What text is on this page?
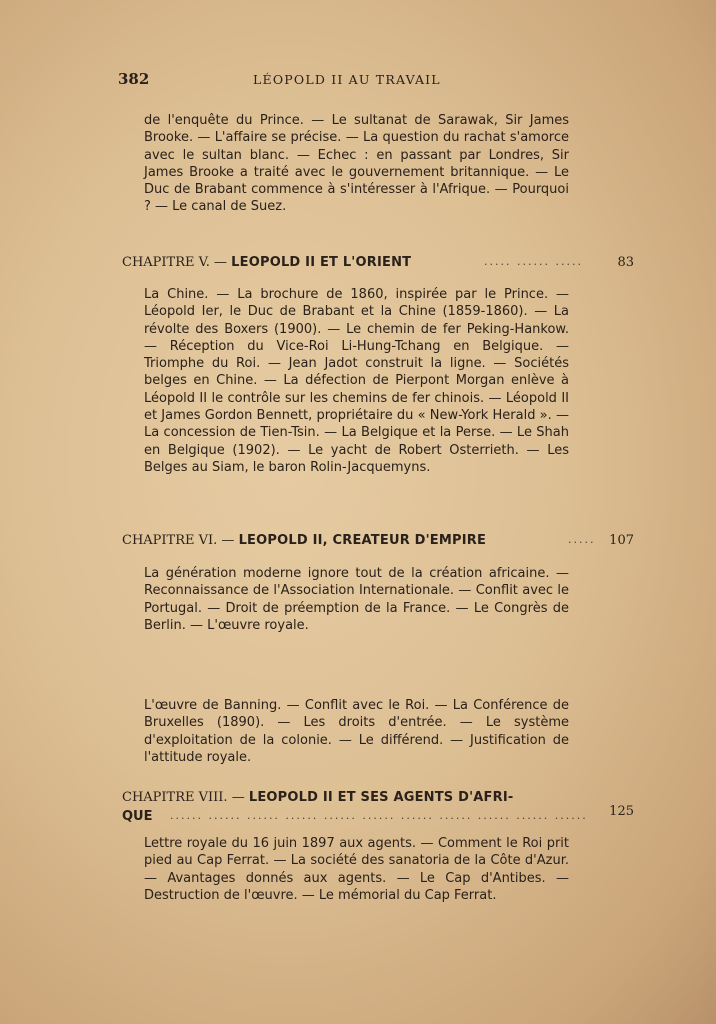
382	LÉOPOLD II AU TRAVAIL
de l'enquête du Prince. — Le sultanat de Sarawak, Sir James Brooke. — L'affaire se précise. — La question du rachat s'amorce avec le sultan blanc. — Echec : en passant par Londres, Sir James Brooke a traité avec le gouvernement britannique. — Le Duc de Brabant commence à s'intéresser à l'Afrique. — Pourquoi ? — Le canal de Suez.
CHAPITRE V. — LEOPOLD II ET L'ORIENT	..... ...... .....	83
La Chine. — La brochure de 1860, inspirée par le Prince. — Léopold Ier, le Duc de Brabant et la Chine (1859-1860). — La révolte des Boxers (1900). — Le chemin de fer Peking-Hankow. — Réception du Vice-Roi Li-Hung-Tchang en Belgique. — Triomphe du Roi. — Jean Jadot construit la ligne. — Sociétés belges en Chine. — La défection de Pierpont Morgan enlève à Léopold II le contrôle sur les chemins de fer chinois. — Léopold II et James Gordon Bennett, propriétaire du « New-York Herald ». — La concession de Tien-Tsin. — La Belgique et la Perse. — Le Shah en Belgique (1902). — Le yacht de Robert Osterrieth. — Les Belges au Siam, le baron Rolin-Jacquemyns.
CHAPITRE VI. — LEOPOLD II, CREATEUR D'EMPIRE	..... 107
La génération moderne ignore tout de la création africaine. — Reconnaissance de l'Association Internationale. — Conflit avec le Portugal. — Droit de préemption de la France. — Le Congrès de Berlin. — L'œuvre royale.
L'œuvre de Banning. — Conflit avec le Roi. — La Conférence de Bruxelles (1890). — Les droits d'entrée. — Le système d'exploitation de la colonie. — Le différend. — Justification de l'attitude royale.
CHAPITRE VIII. — LEOPOLD II ET SES AGENTS D'AFRI-
QUE ...... ...... ...... ...... ...... ...... ...... ...... ...... ...... ......	125
Lettre royale du 16 juin 1897 aux agents. — Comment le Roi prit pied au Cap Ferrat. — La société des sanatoria de la Côte d'Azur. — Avantages donnés aux agents. — Le Cap d'Antibes. — Destruction de l'œuvre. — Le mémorial du Cap Ferrat.
